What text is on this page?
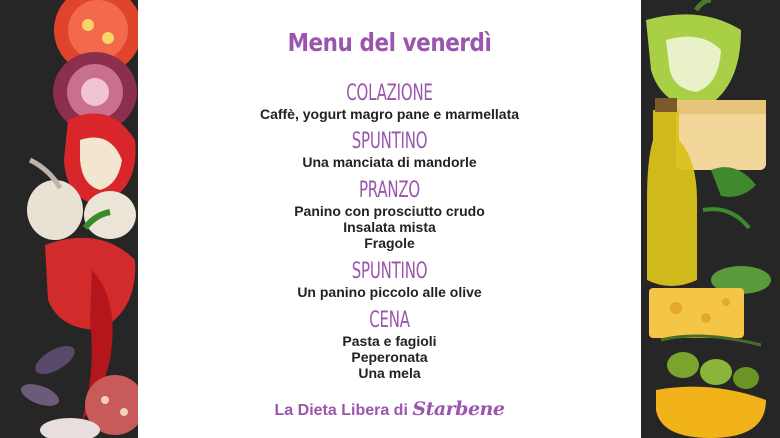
Menu del venerdì
COLAZIONE
Caffè, yogurt magro pane e marmellata
SPUNTINO
Una manciata di mandorle
PRANZO
Panino con prosciutto crudo
Insalata mista
Fragole
SPUNTINO
Un panino piccolo alle olive
CENA
Pasta e fagioli
Peperonata
Una mela
La Dieta Libera di Starbene
